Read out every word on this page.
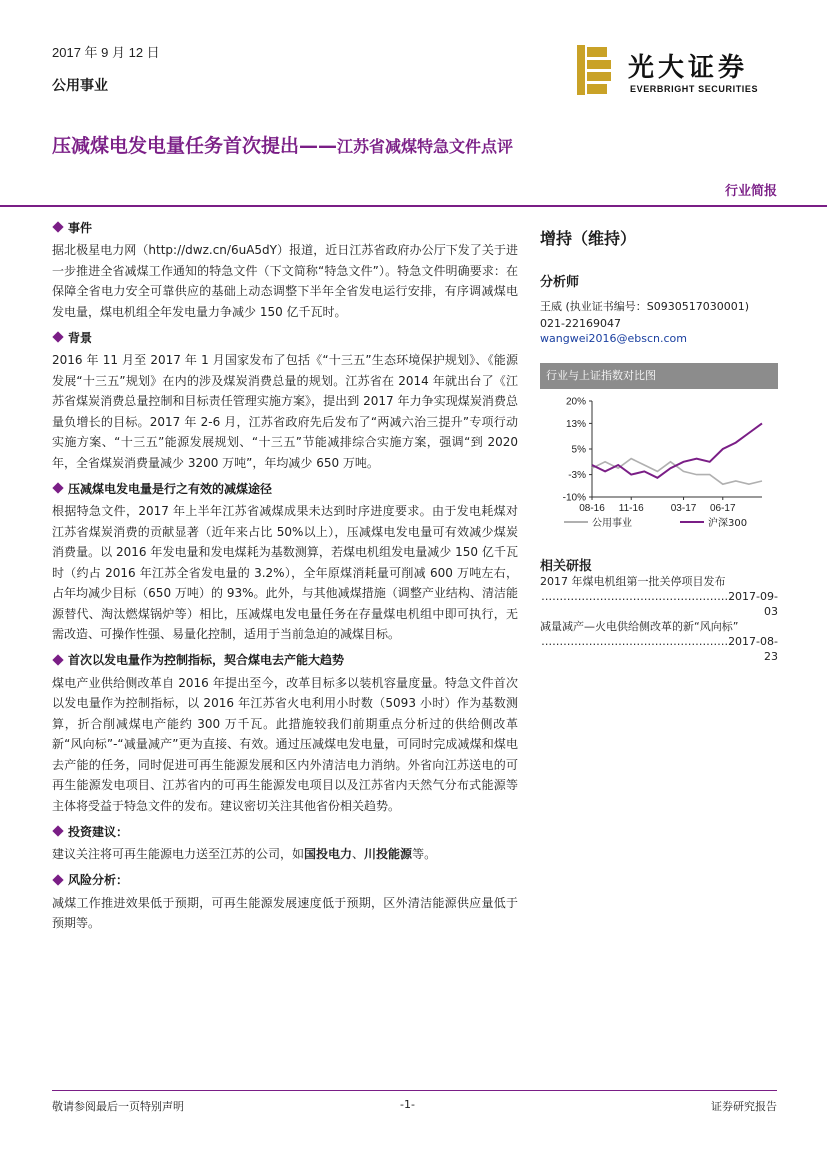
2017 年 9 月 12 日
公用事业
光大证券
EVERBRIGHT SECURITIES
压减煤电发电量任务首次提出——江苏省减煤特急文件点评
行业简报
事件
据北极星电力网（http://dwz.cn/6uA5dY）报道，近日江苏省政府办公厅下发了关于进一步推进全省减煤工作通知的特急文件（下文简称“特急文件”）。特急文件明确要求：在保障全省电力安全可靠供应的基础上动态调整下半年全省发电运行安排，有序调减煤电发电量，煤电机组全年发电量力争减少 150 亿千瓦时。
背景
2016 年 11 月至 2017 年 1 月国家发布了包括《“十三五”生态环境保护规划》、《能源发展“十三五”规划》在内的涉及煤炭消费总量的规划。江苏省在 2014 年就出台了《江苏省煤炭消费总量控制和目标责任管理实施方案》，提出到 2017 年力争实现煤炭消费总量负增长的目标。2017 年 2-6 月，江苏省政府先后发布了“两减六治三提升”专项行动实施方案、“十三五”能源发展规划、“十三五”节能减排综合实施方案，强调“到 2020 年，全省煤炭消费量减少 3200 万吨”，年均减少 650 万吨。
压减煤电发电量是行之有效的减煤途径
根据特急文件，2017 年上半年江苏省减煤成果未达到时序进度要求。由于发电耗煤对江苏省煤炭消费的贡献显著（近年来占比 50%以上），压减煤电发电量可有效减少煤炭消费量。以 2016 年发电量和发电煤耗为基数测算，若煤电机组发电量减少 150 亿千瓦时（约占 2016 年江苏全省发电量的 3.2%），全年原煤消耗量可削减 600 万吨左右，占年均减少目标（650 万吨）的 93%。此外，与其他减煤措施（调整产业结构、清洁能源替代、淘汰燃煤锅炉等）相比，压减煤电发电量任务在存量煤电机组中即可执行，无需改造、可操作性强、易量化控制，适用于当前急迫的减煤目标。
首次以发电量作为控制指标，契合煤电去产能大趋势
煤电产业供给侧改革自 2016 年提出至今，改革目标多以装机容量度量。特急文件首次以发电量作为控制指标，以 2016 年江苏省火电利用小时数（5093 小时）作为基数测算，折合削减煤电产能约 300 万千瓦。此措施较我们前期重点分析过的供给侧改革新“风向标”-“减量减产”更为直接、有效。通过压减煤电发电量，可同时完成减煤和煤电去产能的任务，同时促进可再生能源发展和区内外清洁电力消纳。外省向江苏送电的可再生能源发电项目、江苏省内的可再生能源发电项目以及江苏省内天然气分布式能源等主体将受益于特急文件的发布。建议密切关注其他省份相关趋势。
投资建议：
建议关注将可再生能源电力送至江苏的公司，如国投电力、川投能源等。
风险分析：
减煤工作推进效果低于预期，可再生能源发展速度低于预期，区外清洁能源供应量低于预期等。
增持（维持）
分析师
王威 (执业证书编号：S0930517030001)
021-22169047
wangwei2016@ebscn.com
行业与上证指数对比图
20%
13%
5%
-3%
-10%
08-16 11-16	03-17 06-17
公用事业	沪深300
相关研报
2017 年煤电机组第一批关停项目发布
……………………………………………2017-09-03
减量减产—火电供给侧改革的新“风向标”
……………………………………………2017-08-23
敬请参阅最后一页特别声明	-1-	证券研究报告
